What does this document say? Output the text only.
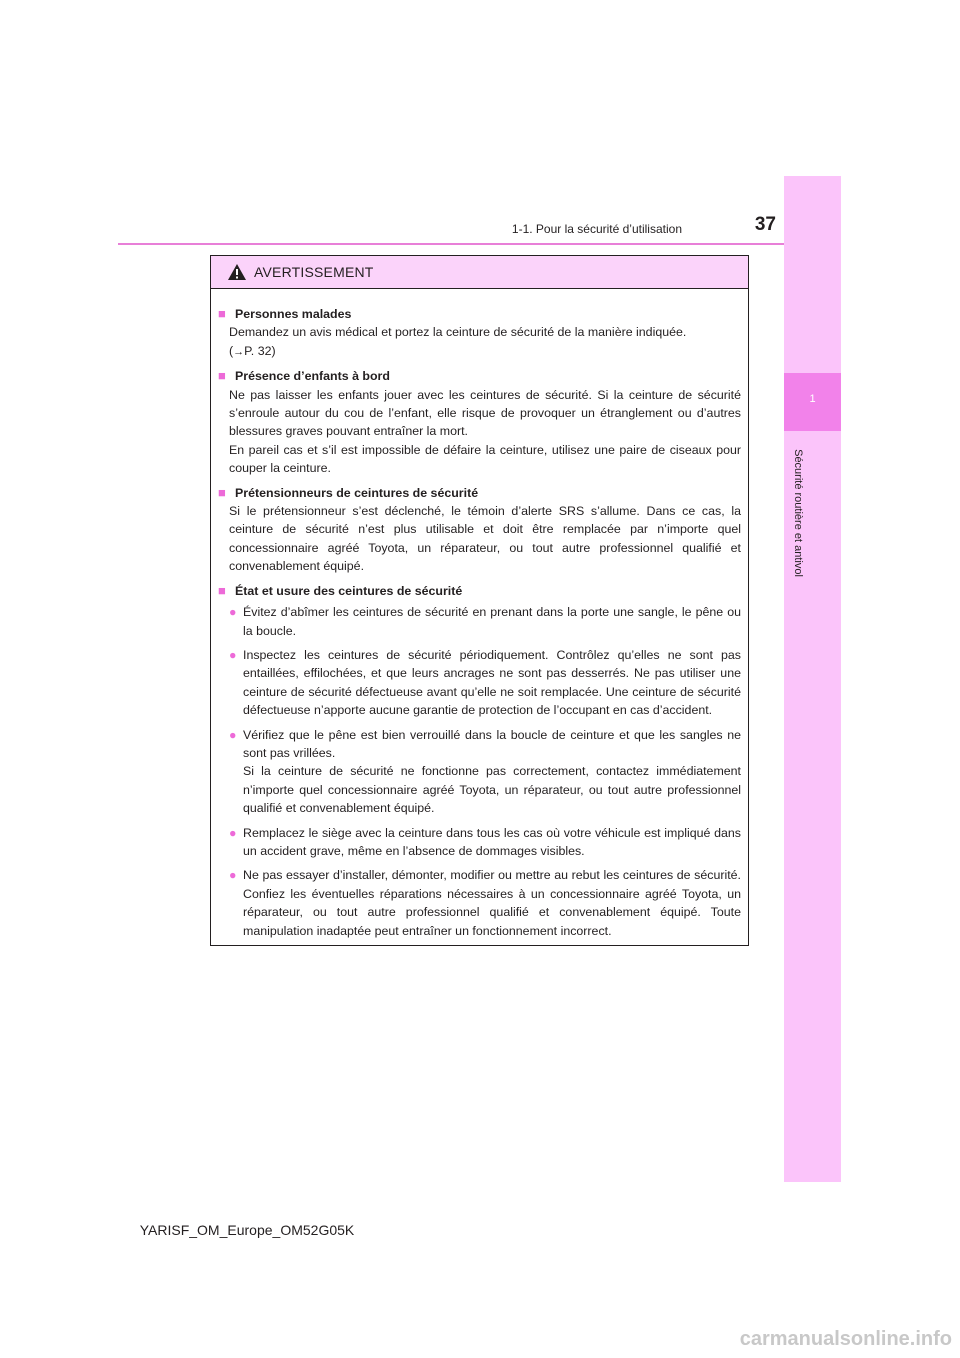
37
1-1. Pour la sécurité d’utilisation
1
Sécurité routière et antivol
AVERTISSEMENT
■ Personnes malades
Demandez un avis médical et portez la ceinture de sécurité de la manière indiquée.
(→P. 32)
■ Présence d’enfants à bord
Ne pas laisser les enfants jouer avec les ceintures de sécurité. Si la ceinture de sécurité s’enroule autour du cou de l’enfant, elle risque de provoquer un étranglement ou d’autres blessures graves pouvant entraîner la mort.
En pareil cas et s’il est impossible de défaire la ceinture, utilisez une paire de ciseaux pour couper la ceinture.
■ Prétensionneurs de ceintures de sécurité
Si le prétensionneur s’est déclenché, le témoin d’alerte SRS s’allume. Dans ce cas, la ceinture de sécurité n’est plus utilisable et doit être remplacée par n’importe quel concessionnaire agréé Toyota, un réparateur, ou tout autre professionnel qualifié et convenablement équipé.
■ État et usure des ceintures de sécurité
● Évitez d’abîmer les ceintures de sécurité en prenant dans la porte une sangle, le pêne ou la boucle.
● Inspectez les ceintures de sécurité périodiquement. Contrôlez qu’elles ne sont pas entaillées, effilochées, et que leurs ancrages ne sont pas desserrés. Ne pas utiliser une ceinture de sécurité défectueuse avant qu’elle ne soit remplacée. Une ceinture de sécurité défectueuse n’apporte aucune garantie de protection de l’occupant en cas d’accident.
● Vérifiez que le pêne est bien verrouillé dans la boucle de ceinture et que les sangles ne sont pas vrillées.
Si la ceinture de sécurité ne fonctionne pas correctement, contactez immédiatement n’importe quel concessionnaire agréé Toyota, un réparateur, ou tout autre professionnel qualifié et convenablement équipé.
● Remplacez le siège avec la ceinture dans tous les cas où votre véhicule est impliqué dans un accident grave, même en l’absence de dommages visibles.
● Ne pas essayer d’installer, démonter, modifier ou mettre au rebut les ceintures de sécurité. Confiez les éventuelles réparations nécessaires à un concessionnaire agréé Toyota, un réparateur, ou tout autre professionnel qualifié et convenablement équipé. Toute manipulation inadaptée peut entraîner un fonctionnement incorrect.
YARISF_OM_Europe_OM52G05K
carmanualsonline.info
